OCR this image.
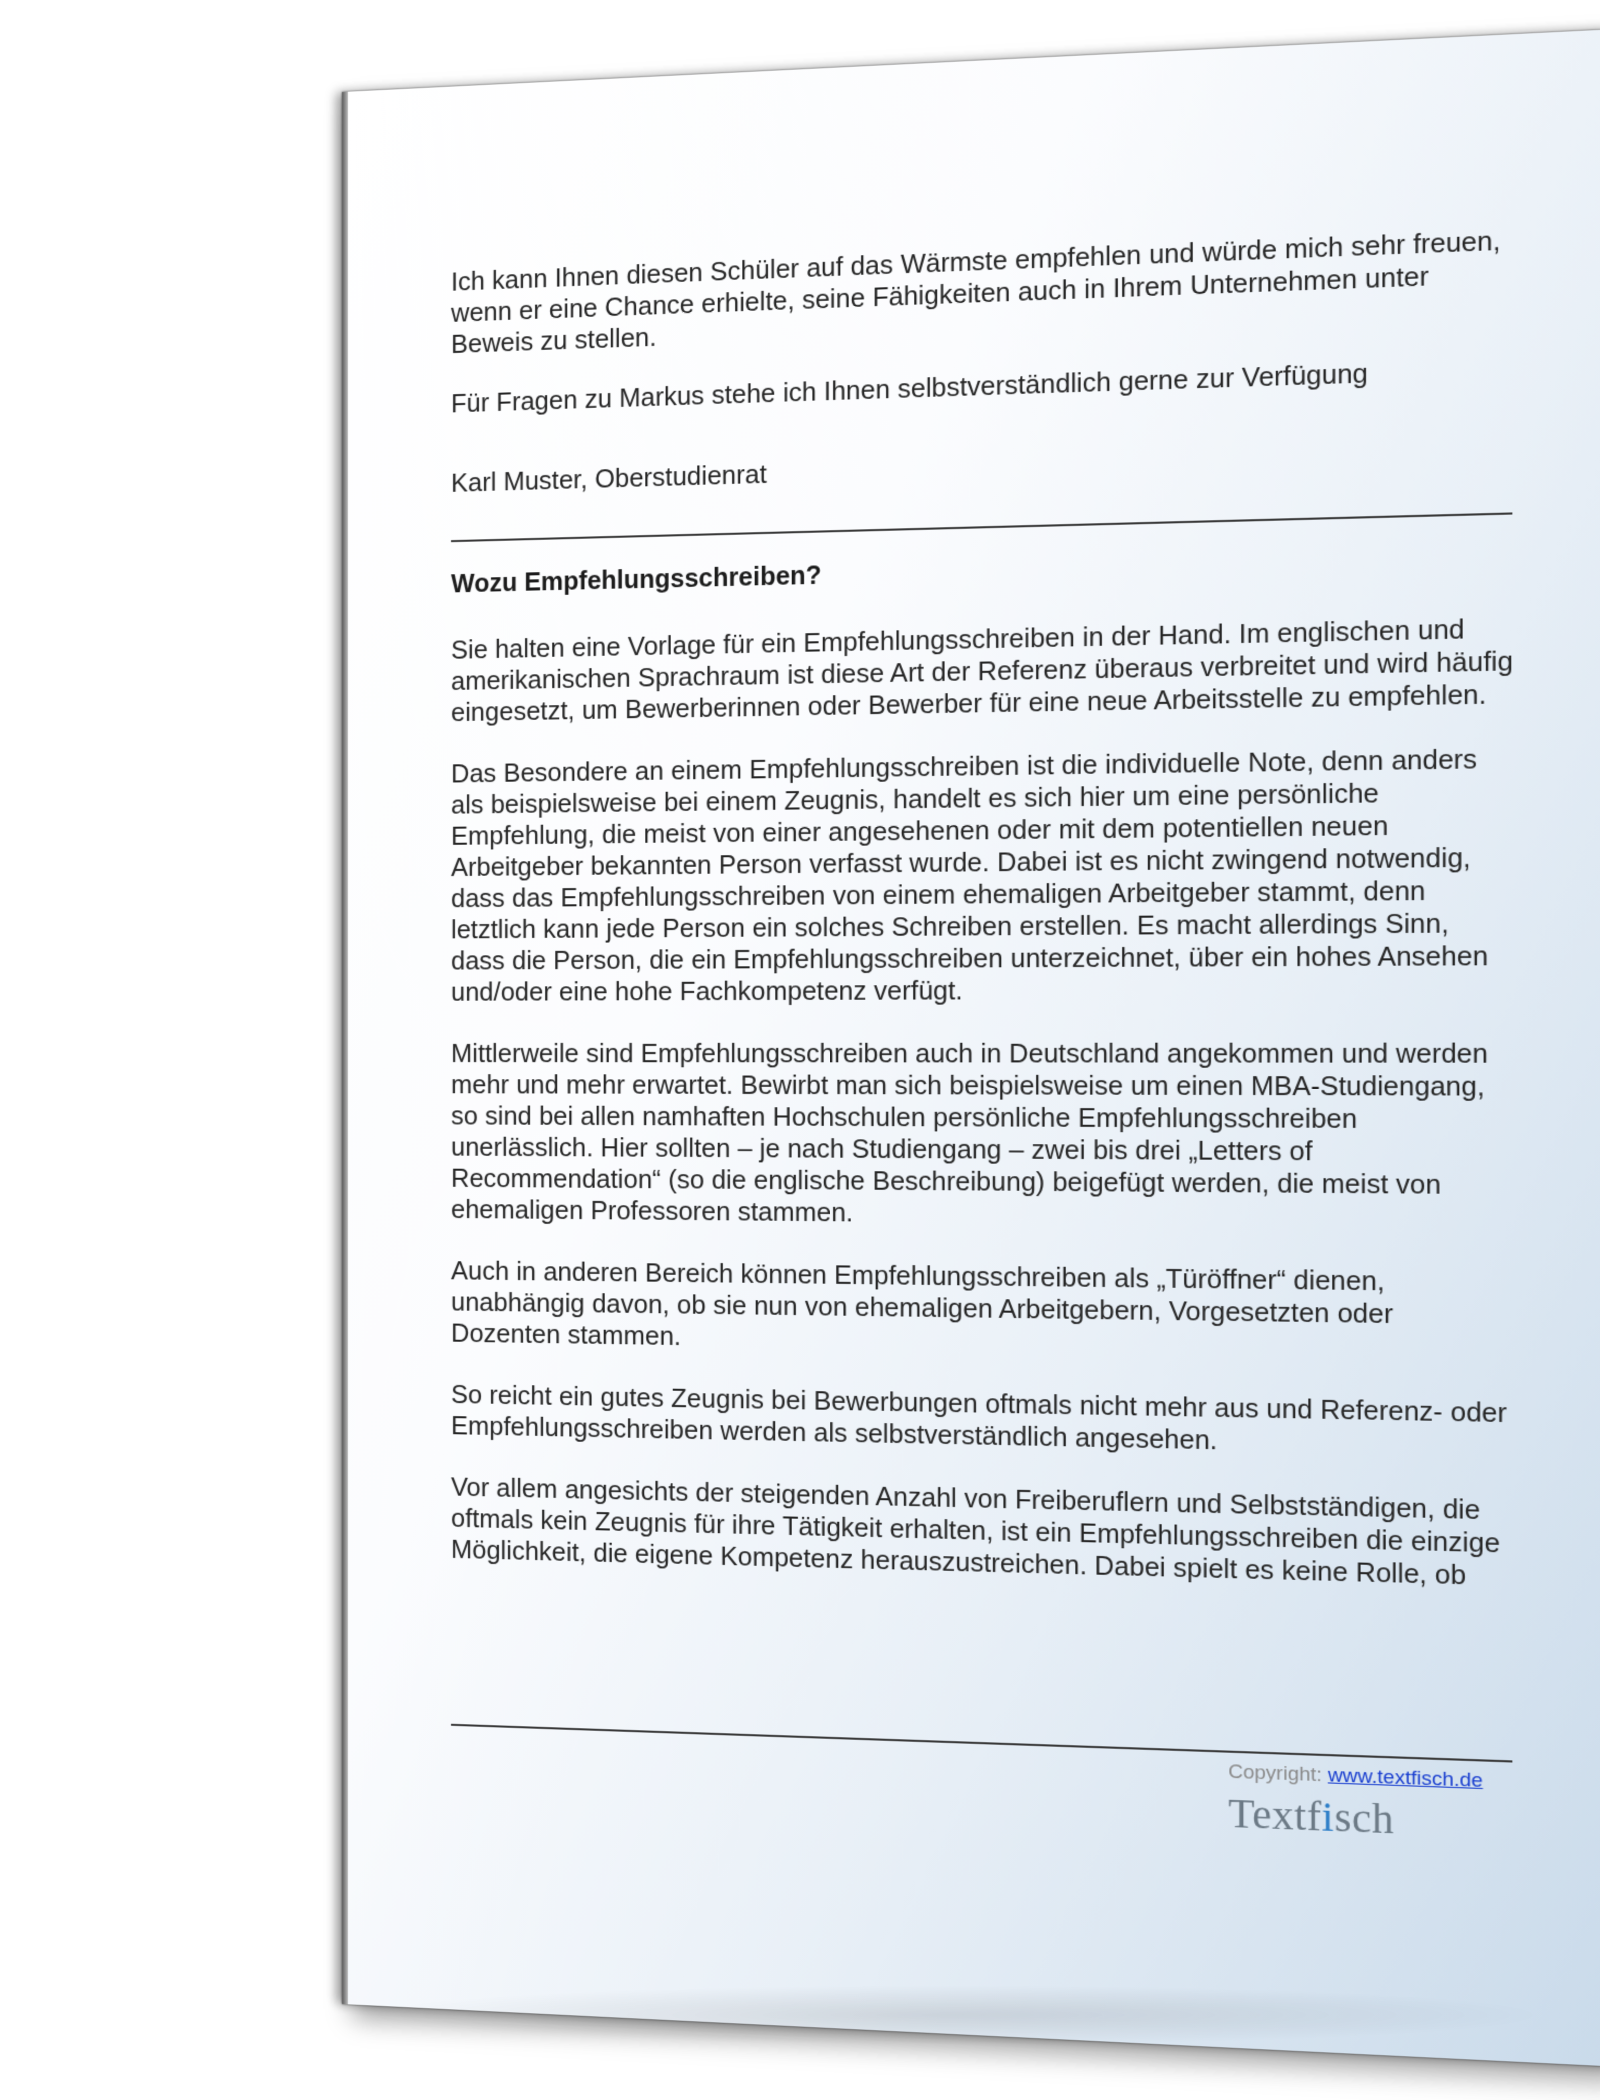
Ich kann Ihnen diesen Schüler auf das Wärmste empfehlen und würde mich sehr freuen, wenn er eine Chance erhielte, seine Fähigkeiten auch in Ihrem Unternehmen unter Beweis zu stellen.

Für Fragen zu Markus stehe ich Ihnen selbstverständlich gerne zur Verfügung

Karl Muster, Oberstudienrat

Wozu Empfehlungsschreiben?

Sie halten eine Vorlage für ein Empfehlungsschreiben in der Hand. Im englischen und amerikanischen Sprachraum ist diese Art der Referenz überaus verbreitet und wird häufig eingesetzt, um Bewerberinnen oder Bewerber für eine neue Arbeitsstelle zu empfehlen.

Das Besondere an einem Empfehlungsschreiben ist die individuelle Note, denn anders als beispielsweise bei einem Zeugnis, handelt es sich hier um eine persönliche Empfehlung, die meist von einer angesehenen oder mit dem potentiellen neuen Arbeitgeber bekannten Person verfasst wurde. Dabei ist es nicht zwingend notwendig, dass das Empfehlungsschreiben von einem ehemaligen Arbeitgeber stammt, denn letztlich kann jede Person ein solches Schreiben erstellen. Es macht allerdings Sinn, dass die Person, die ein Empfehlungsschreiben unterzeichnet, über ein hohes Ansehen und/oder eine hohe Fachkompetenz verfügt.

Mittlerweile sind Empfehlungsschreiben auch in Deutschland angekommen und werden mehr und mehr erwartet. Bewirbt man sich beispielsweise um einen MBA-Studiengang, so sind bei allen namhaften Hochschulen persönliche Empfehlungsschreiben unerlässlich. Hier sollten – je nach Studiengang – zwei bis drei „Letters of Recommendation“ (so die englische Beschreibung) beigefügt werden, die meist von ehemaligen Professoren stammen.

Auch in anderen Bereich können Empfehlungsschreiben als „Türöffner“ dienen, unabhängig davon, ob sie nun von ehemaligen Arbeitgebern, Vorgesetzten oder Dozenten stammen.

So reicht ein gutes Zeugnis bei Bewerbungen oftmals nicht mehr aus und Referenz- oder Empfehlungsschreiben werden als selbstverständlich angesehen.

Vor allem angesichts der steigenden Anzahl von Freiberuflern und Selbstständigen, die oftmals kein Zeugnis für ihre Tätigkeit erhalten, ist ein Empfehlungsschreiben die einzige Möglichkeit, die eigene Kompetenz herauszustreichen. Dabei spielt es keine Rolle, ob

Copyright: www.textfisch.de
Textfisch
